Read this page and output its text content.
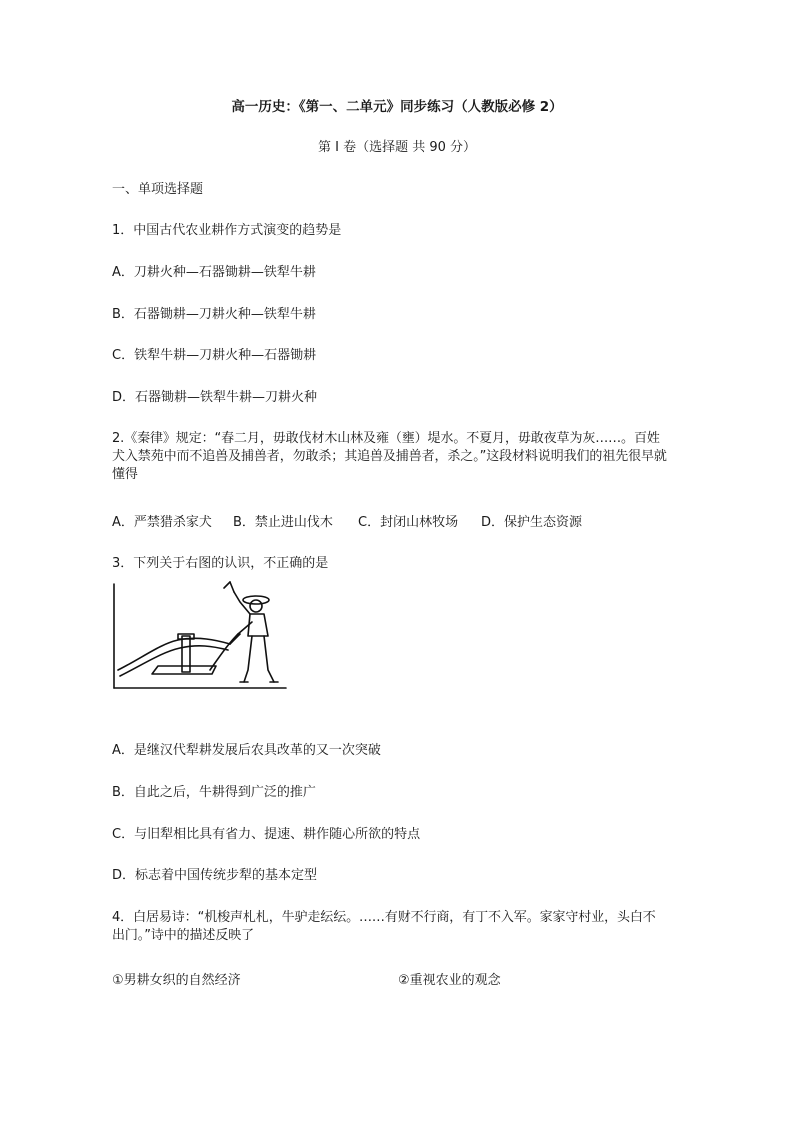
高一历史：《第一、二单元》同步练习（人教版必修 2）

第 I 卷（选择题 共 90 分）

一、单项选择题

1．中国古代农业耕作方式演变的趋势是

A．刀耕火种—石器锄耕—铁犁牛耕

B．石器锄耕—刀耕火种—铁犁牛耕

C．铁犁牛耕—刀耕火种—石器锄耕

D．石器锄耕—铁犁牛耕—刀耕火种

2.《秦律》规定：“春二月，毋敢伐材木山林及雍（壅）堤水。不夏月，毋敢夜草为灰……。百姓犬入禁苑中而不追兽及捕兽者，勿敢杀；其追兽及捕兽者，杀之。”这段材料说明我们的祖先很早就懂得

A．严禁猎杀家犬 B．禁止进山伐木 C．封闭山林牧场 D．保护生态资源

3．下列关于右图的认识，不正确的是

A．是继汉代犁耕发展后农具改革的又一次突破

B．自此之后，牛耕得到广泛的推广

C．与旧犁相比具有省力、提速、耕作随心所欲的特点

D．标志着中国传统步犁的基本定型

4．白居易诗：“机梭声札札，牛驴走纭纭。……有财不行商，有丁不入军。家家守村业，头白不出门。”诗中的描述反映了

①男耕女织的自然经济	②重视农业的观念
